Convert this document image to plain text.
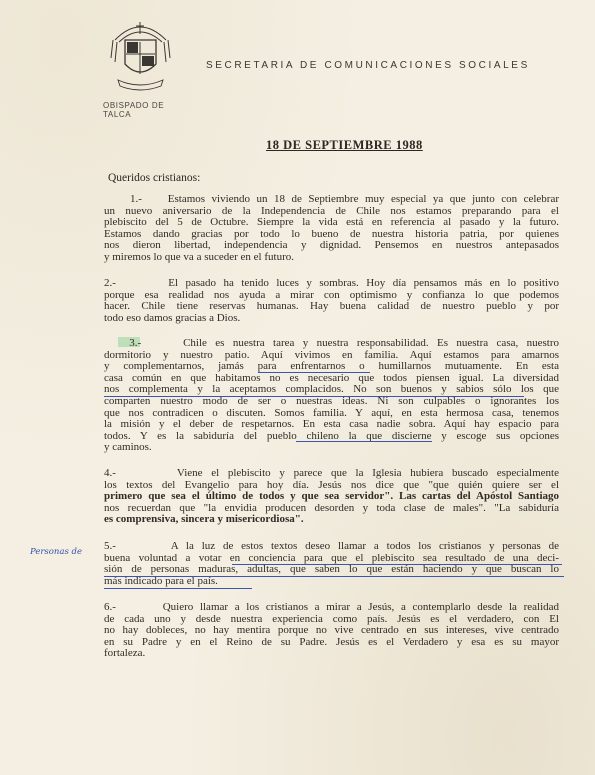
OBISPADO DE TALCA
SECRETARIA DE COMUNICACIONES SOCIALES
18 DE SEPTIEMBRE 1988
Queridos cristianos:
Personas de
1.- Estamos viviendo un 18 de Septiembre muy especial ya que junto con celebrar
un nuevo aniversario de la Independencia de Chile nos estamos preparando para el
plebiscito del 5 de Octubre. Siempre la vida está en referencia al pasado y la futuro.
Estamos dando gracias por todo lo bueno de nuestra historia patria, por quienes
nos dieron libertad, independencia y dignidad. Pensemos en nuestros antepasados
y miremos lo que va a suceder en el futuro.
2.-	El pasado ha tenido luces y sombras. Hoy día pensamos más en lo positivo
porque esa realidad nos ayuda a mirar con optimismo y confianza lo que podemos
hacer. Chile tiene reservas humanas. Hay buena calidad de nuestro pueblo y por
todo eso damos gracias a Dios.
3.-	Chile es nuestra tarea y nuestra responsabilidad. Es nuestra casa, nuestro
dormitorio y nuestro patio. Aquí vivimos en familia. Aquí estamos para amarnos
y complementarnos, jamás para enfrentarnos o humillarnos mutuamente. En esta
casa común en que habitamos no es necesario que todos piensen igual. La diversidad
nos complementa y la aceptamos complacidos. No son buenos y sabios sólo los que
comparten nuestro modo de ser o nuestras ideas. Ni son culpables o ignorantes los
que nos contradicen o discuten. Somos familia. Y aquí, en esta hermosa casa, tenemos
la misión y el deber de respetarnos. En esta casa nadie sobra. Aquí hay espacio para
todos. Y es la sabiduría del pueblo chileno la que discierne y escoge sus opciones
y caminos.
4.-	Viene el plebiscito y parece que la Iglesia hubiera buscado especialmente
los textos del Evangelio para hoy día. Jesús nos dice que "que quién quiere ser el
primero que sea el último de todos y que sea servidor". Las cartas del Apóstol Santiago
nos recuerdan que "la envidia producen desorden y toda clase de males". "La sabiduría
es comprensiva, sincera y misericordiosa".
5.-	A la luz de estos textos deseo llamar a todos los cristianos y personas de
buena voluntad a votar en conciencia para que el plebiscito sea resultado de una deci-
sión de personas maduras, adultas, que saben lo que están haciendo y que buscan lo
más indicado para el país.
6.-	Quiero llamar a los cristianos a mirar a Jesús, a contemplarlo desde la realidad
de cada uno y desde nuestra experiencia como país. Jesús es el verdadero, con El
no hay dobleces, no hay mentira porque no vive centrado en sus intereses, vive centrado
en su Padre y en el Reino de su Padre. Jesús es el Verdadero y esa es su mayor
fortaleza.
